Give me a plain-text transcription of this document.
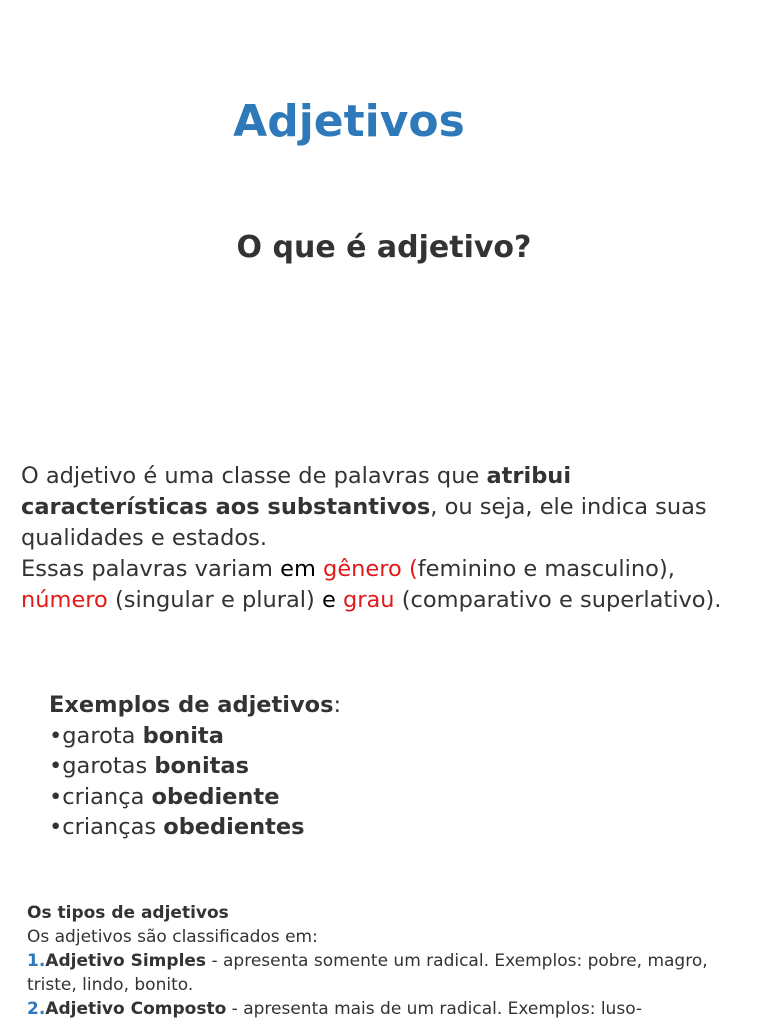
Adjetivos
O que é adjetivo?

O adjetivo é uma classe de palavras que atribui características aos substantivos, ou seja, ele indica suas qualidades e estados.
Essas palavras variam em gênero (feminino e masculino), número (singular e plural) e grau (comparativo e superlativo).

Exemplos de adjetivos:
•garota bonita
•garotas bonitas
•criança obediente
•crianças obedientes
Os tipos de adjetivos
Os adjetivos são classificados em:
1.Adjetivo Simples - apresenta somente um radical. Exemplos: pobre, magro, triste, lindo, bonito.
2.Adjetivo Composto - apresenta mais de um radical. Exemplos: luso-
